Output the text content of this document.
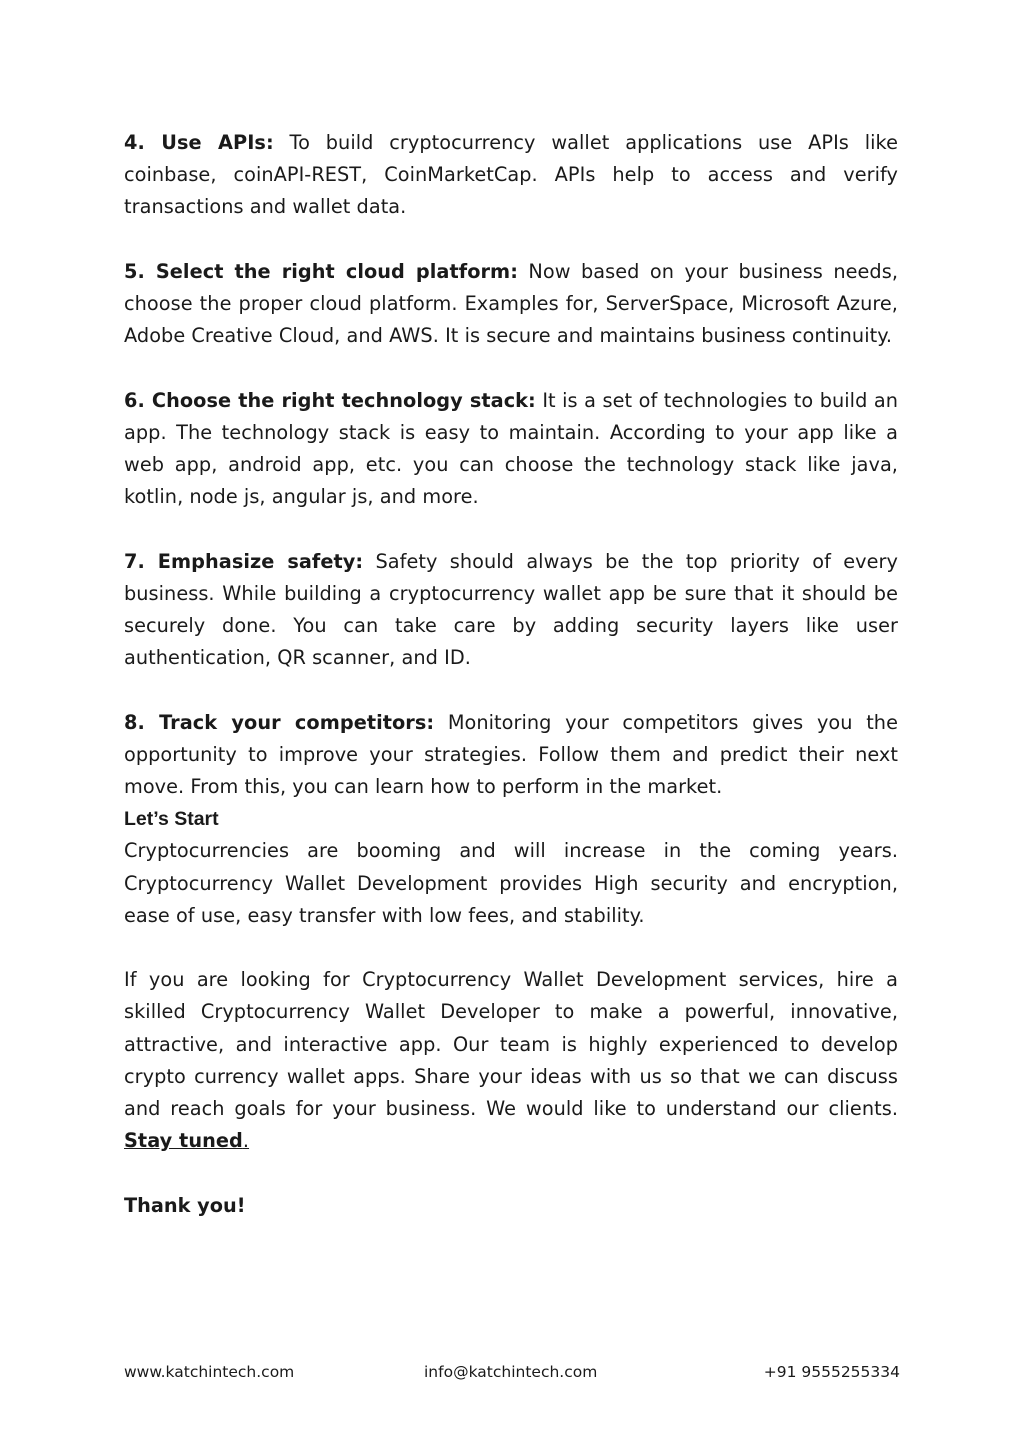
4. Use APIs: To build cryptocurrency wallet applications use APIs like coinbase, coinAPI-REST, CoinMarketCap. APIs help to access and verify transactions and wallet data.

5. Select the right cloud platform: Now based on your business needs, choose the proper cloud platform. Examples for, ServerSpace, Microsoft Azure, Adobe Creative Cloud, and AWS. It is secure and maintains business continuity.

6. Choose the right technology stack: It is a set of technologies to build an app. The technology stack is easy to maintain. According to your app like a web app, android app, etc. you can choose the technology stack like java, kotlin, node js, angular js, and more.

7. Emphasize safety: Safety should always be the top priority of every business. While building a cryptocurrency wallet app be sure that it should be securely done. You can take care by adding security layers like user authentication, QR scanner, and ID.

8. Track your competitors: Monitoring your competitors gives you the opportunity to improve your strategies. Follow them and predict their next move. From this, you can learn how to perform in the market.

Let’s Start

Cryptocurrencies are booming and will increase in the coming years. Cryptocurrency Wallet Development provides High security and encryption, ease of use, easy transfer with low fees, and stability.

If you are looking for Cryptocurrency Wallet Development services, hire a skilled Cryptocurrency Wallet Developer to make a powerful, innovative, attractive, and interactive app. Our team is highly experienced to develop crypto currency wallet apps. Share your ideas with us so that we can discuss and reach goals for your business. We would like to understand our clients. Stay tuned.

Thank you!

www.katchintech.com	info@katchintech.com	+91 9555255334
